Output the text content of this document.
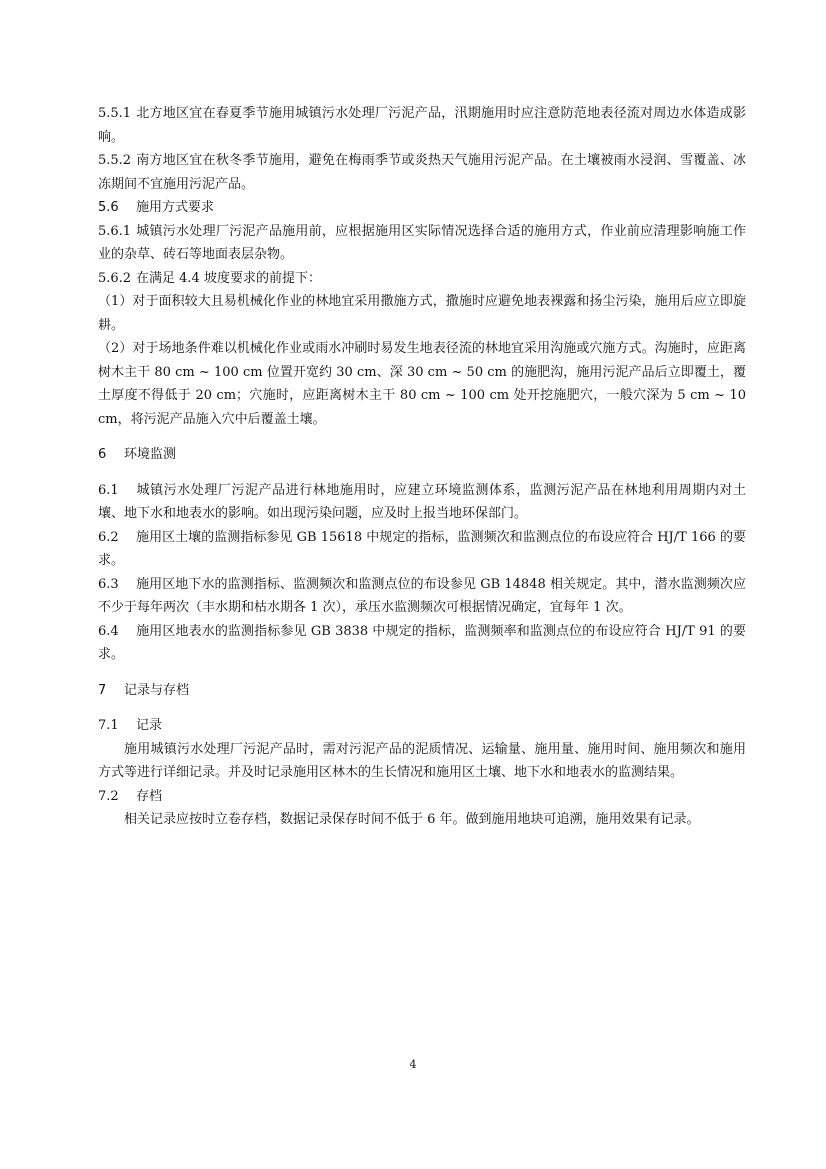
5.5.1 北方地区宜在春夏季节施用城镇污水处理厂污泥产品，汛期施用时应注意防范地表径流对周边水体造成影响。

5.5.2 南方地区宜在秋冬季节施用，避免在梅雨季节或炎热天气施用污泥产品。在土壤被雨水浸润、雪覆盖、冰冻期间不宜施用污泥产品。

5.6 施用方式要求

5.6.1 城镇污水处理厂污泥产品施用前，应根据施用区实际情况选择合适的施用方式，作业前应清理影响施工作业的杂草、砖石等地面表层杂物。

5.6.2 在满足 4.4 坡度要求的前提下：

（1）对于面积较大且易机械化作业的林地宜采用撒施方式，撒施时应避免地表裸露和扬尘污染，施用后应立即旋耕。

（2）对于场地条件难以机械化作业或雨水冲刷时易发生地表径流的林地宜采用沟施或穴施方式。沟施时，应距离树木主干 80 cm ~ 100 cm 位置开宽约 30 cm、深 30 cm ~ 50 cm 的施肥沟，施用污泥产品后立即覆土，覆土厚度不得低于 20 cm；穴施时，应距离树木主干 80 cm ~ 100 cm 处开挖施肥穴，一般穴深为 5 cm ~ 10 cm，将污泥产品施入穴中后覆盖土壤。

6 环境监测

6.1 城镇污水处理厂污泥产品进行林地施用时，应建立环境监测体系，监测污泥产品在林地利用周期内对土壤、地下水和地表水的影响。如出现污染问题，应及时上报当地环保部门。

6.2 施用区土壤的监测指标参见 GB 15618 中规定的指标，监测频次和监测点位的布设应符合 HJ/T 166 的要求。

6.3 施用区地下水的监测指标、监测频次和监测点位的布设参见 GB 14848 相关规定。其中，潜水监测频次应不少于每年两次（丰水期和枯水期各 1 次），承压水监测频次可根据情况确定，宜每年 1 次。

6.4 施用区地表水的监测指标参见 GB 3838 中规定的指标，监测频率和监测点位的布设应符合 HJ/T 91 的要求。

7 记录与存档

7.1 记录

施用城镇污水处理厂污泥产品时，需对污泥产品的泥质情况、运输量、施用量、施用时间、施用频次和施用方式等进行详细记录。并及时记录施用区林木的生长情况和施用区土壤、地下水和地表水的监测结果。

7.2 存档

相关记录应按时立卷存档，数据记录保存时间不低于 6 年。做到施用地块可追溯，施用效果有记录。

4
